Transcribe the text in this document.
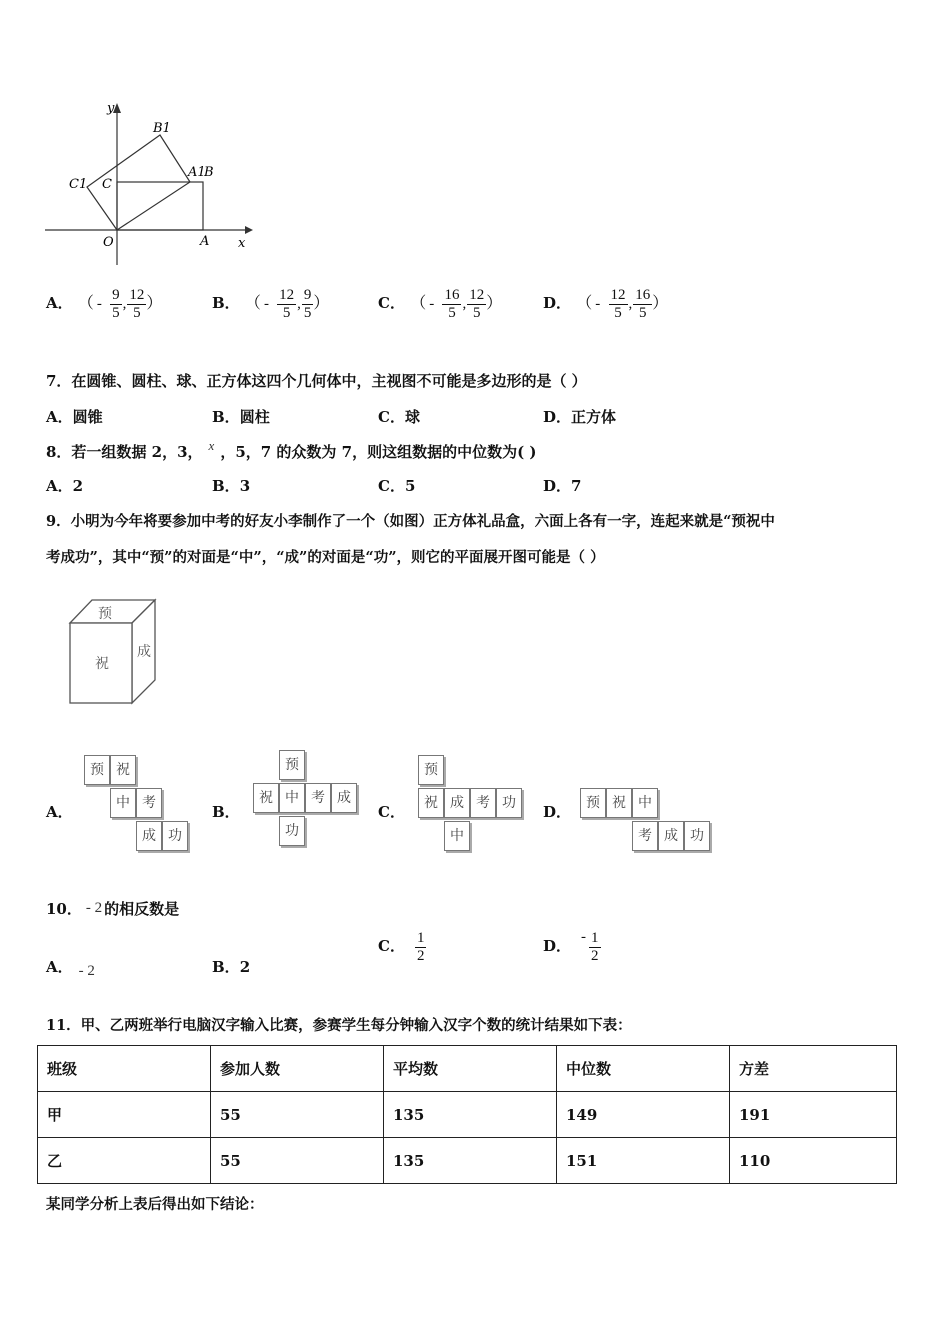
y
x
O	A
C
C1
B1
A1
B
A． （ - $\frac{9}{5}$ , $\frac{12}{5}$ ）	B． （ - $\frac{12}{5}$ , $\frac{9}{5}$ ）	C． （ - $\frac{16}{5}$ , $\frac{12}{5}$ ）	D． （ - $\frac{12}{5}$ , $\frac{16}{5}$ ）
7．在圆锥、圆柱、球、正方体这四个几何体中，主视图不可能是多边形的是（ ）
A．圆锥	B．圆柱	C．球	D．正方体
8．若一组数据 2，3， x ，5，7 的众数为 7，则这组数据的中位数为( )
A．2	B．3	C．5	D．7
9．小明为今年将要参加中考的好友小李制作了一个（如图）正方体礼品盒，六面上各有一字，连起来就是“预祝中
考成功”，其中“预”的对面是“中”，“成”的对面是“功”，则它的平面展开图可能是（ ）
预
祝
成
A．
预 祝
中 考
成 功
B．
预
祝 中 考 成
功
C．
预
祝 成 考 功
中
D．	预 祝 中
考 成 功
10． - 2 的相反数是
A． - 2	B．2
C． $\frac{1}{2}$	D． - $\frac{1}{2}$
11．甲、乙两班举行电脑汉字输入比赛，参赛学生每分钟输入汉字个数的统计结果如下表：
班级	参加人数	平均数	中位数	方差
甲	55	135	149	191
乙	55	135	151	110
某同学分析上表后得出如下结论：
